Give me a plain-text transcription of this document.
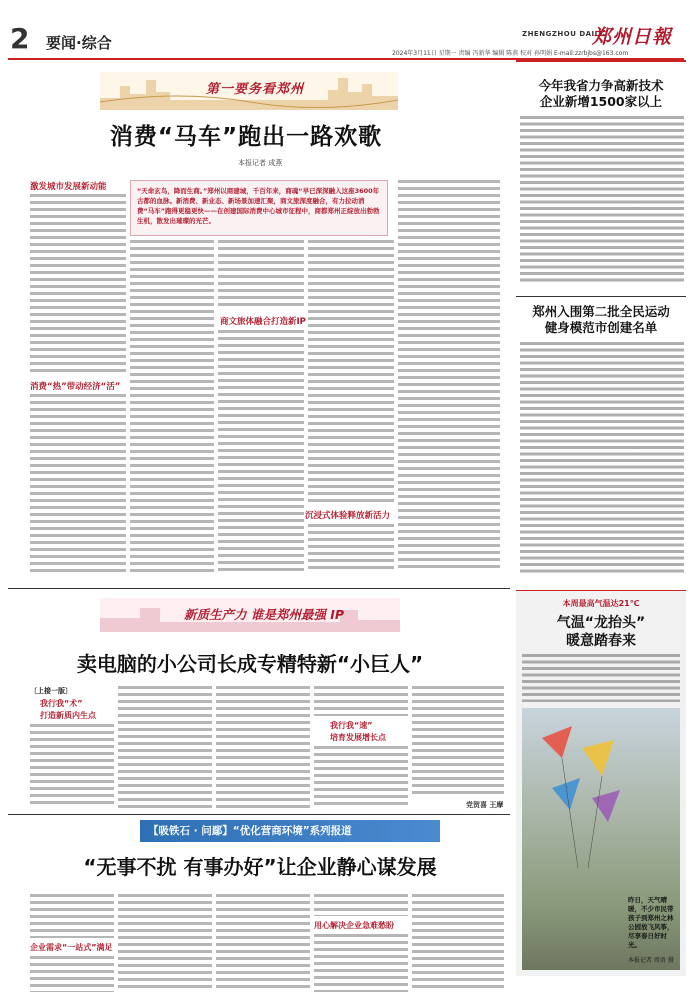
2	要闻·综合	ZHENGZHOU DAILY
郑州日報
2024年3月11日 星期一 责编 冯新华 编辑 陈燕 校对 孙明娟 E-mail:zzrbjbs@163.com
第一要务看郑州
消费“马车”跑出一路欢歌
本报记者 成燕
“天命玄鸟，降而生商。”郑州以商建城，千百年来，商魂“早已深深融入这座3600年古都的血脉。新消费、新业态、新场景加速汇聚，商文旅深度融合，有力拉动消费“马车”跑得更稳更快——在创建国际消费中心城市征程中，商都郑州正绽放出勃勃生机，散发出璀璨的光芒。
激发城市发展新动能
消费“热”带动经济“活”
商文旅体融合打造新IP
沉浸式体验释放新活力
今年我省力争高新技术
企业新增1500家以上
郑州入围第二批全民运动
健身模范市创建名单
本周最高气温达21℃
气温“龙抬头”
暖意踏春来
昨日，天气晴暖，不少市民带孩子到郑州之林公园放飞风筝，尽享春日好时光。
本报记者 周甬 摄
新质生产力 谁是郑州最强 IP
卖电脑的小公司长成专精特新“小巨人”
〔上接一版〕
我行我“术”
打造新质内生点
我行我“速”
培育发展增长点
党贺喜 王摩
【吸铁石 · 问鄢】“优化营商环境”系列报道
“无事不扰 有事办好”让企业静心谋发展
企业需求“一站式”满足
用心解决企业急难愁盼
